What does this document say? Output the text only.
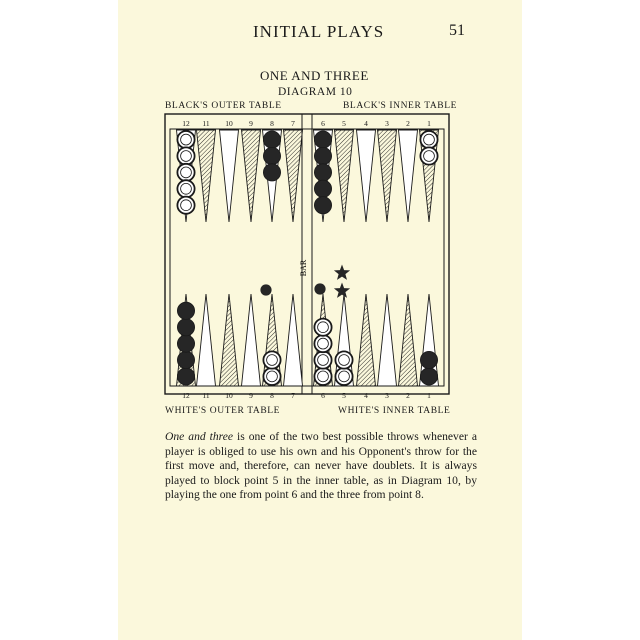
INITIAL PLAYS	51
ONE AND THREE
DIAGRAM 10
BLACK'S OUTER TABLE	BLACK'S INNER TABLE
WHITE'S OUTER TABLE	WHITE'S INNER TABLE
BAR
12 11 10 9 8 7	6 5 4 3 2 1
12 11 10 9 8 7	6 5 4 3 2 1
One and three is one of the two best possible throws whenever a player is obliged to use his own and his Opponent's throw for the first move and, therefore, can never have doublets. It is always played to block point 5 in the inner table, as in Diagram 10, by playing the one from point 6 and the three from point 8.
